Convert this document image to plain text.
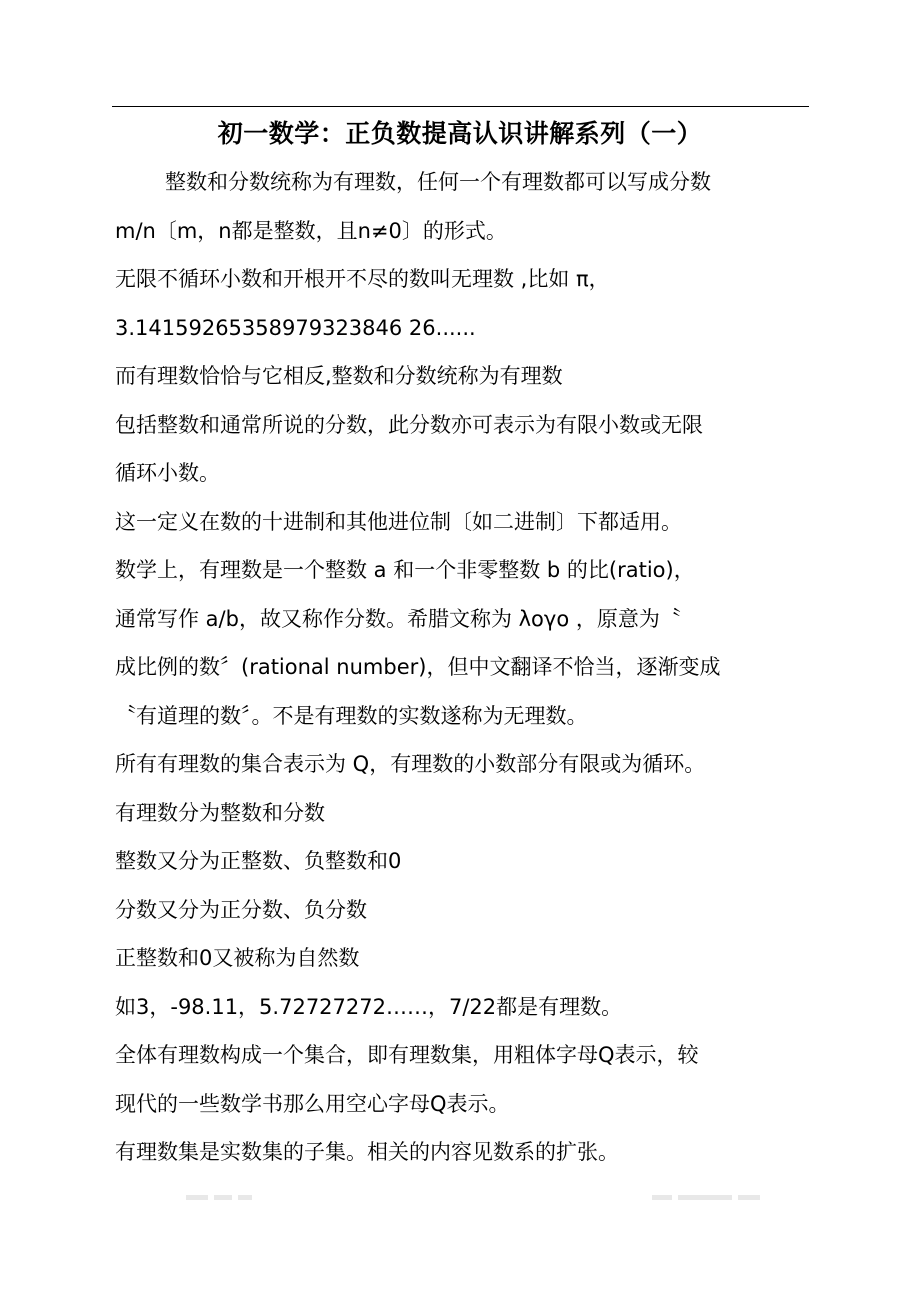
初一数学：正负数提高认识讲解系列（一）
整数和分数统称为有理数，任何一个有理数都可以写成分数
m/n〔m，n都是整数，且n≠0〕的形式。
无限不循环小数和开根开不尽的数叫无理数 ,比如 π，
3.14159265358979323846 26......
而有理数恰恰与它相反,整数和分数统称为有理数
包括整数和通常所说的分数，此分数亦可表示为有限小数或无限
循环小数。
这一定义在数的十进制和其他进位制〔如二进制〕下都适用。
数学上，有理数是一个整数 a 和一个非零整数 b 的比(ratio)，
通常写作 a/b，故又称作分数。希腊文称为 λογο ，原意为〝
成比例的数〞(rational number)，但中文翻译不恰当，逐渐变成
〝有道理的数〞。不是有理数的实数遂称为无理数。
所有有理数的集合表示为 Q，有理数的小数部分有限或为循环。
有理数分为整数和分数
整数又分为正整数、负整数和0
分数又分为正分数、负分数
正整数和0又被称为自然数
如3，-98.11，5.72727272……，7/22都是有理数。
全体有理数构成一个集合，即有理数集，用粗体字母Q表示，较
现代的一些数学书那么用空心字母Q表示。
有理数集是实数集的子集。相关的内容见数系的扩张。
